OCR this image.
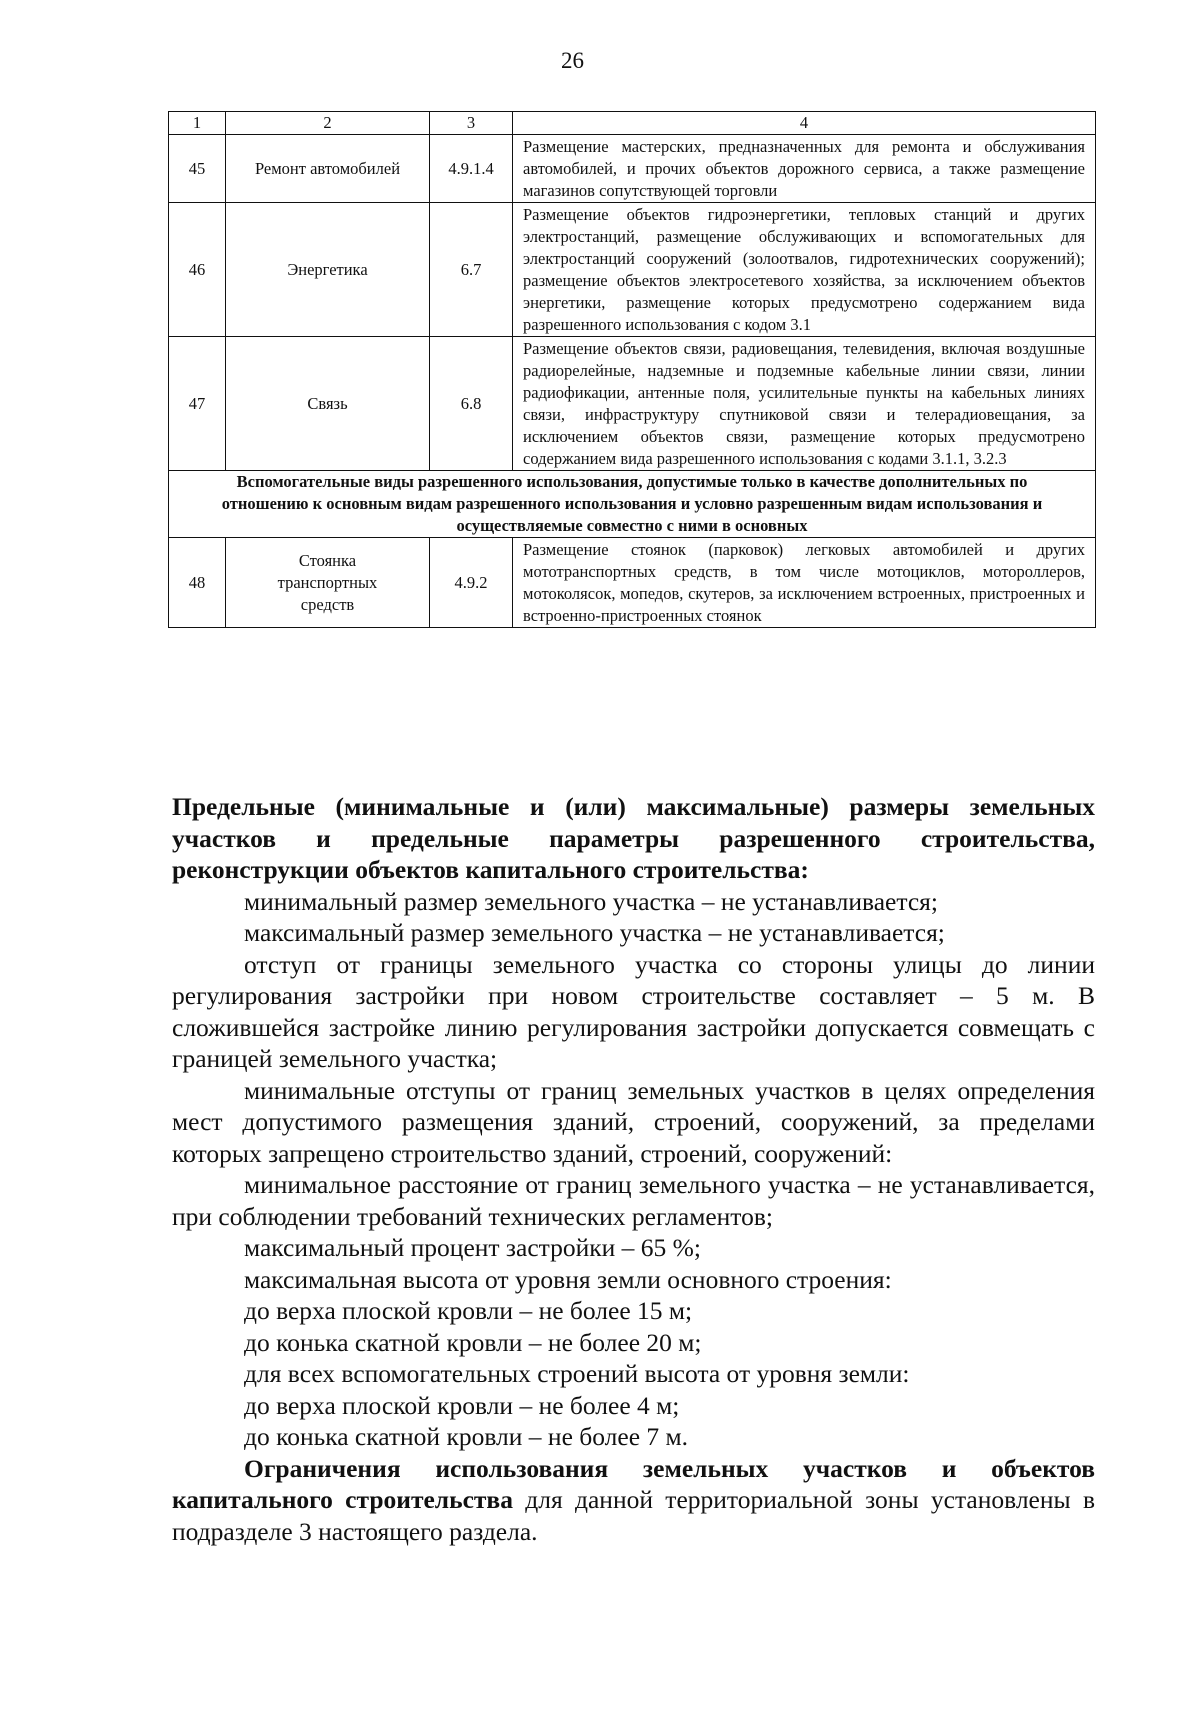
26
1	2	3	4
45	Ремонт автомобилей	4.9.1.4	Размещение мастерских, предназначенных для ремонта и обслуживания автомобилей, и прочих объектов дорожного сервиса, а также размещение магазинов сопутствующей торговли
46	Энергетика	6.7	Размещение объектов гидроэнергетики, тепловых станций и других электростанций, размещение обслуживающих и вспомогательных для электростанций сооружений (золоотвалов, гидротехнических сооружений); размещение объектов электросетевого хозяйства, за исключением объектов энергетики, размещение которых предусмотрено содержанием вида разрешенного использования с кодом 3.1
47	Связь	6.8	Размещение объектов связи, радиовещания, телевидения, включая воздушные радиорелейные, надземные и подземные кабельные линии связи, линии радиофикации, антенные поля, усилительные пункты на кабельных линиях связи, инфраструктуру спутниковой связи и телерадиовещания, за исключением объектов связи, размещение которых предусмотрено содержанием вида разрешенного использования с кодами 3.1.1, 3.2.3
Вспомогательные виды разрешенного использования, допустимые только в качестве дополнительных по отношению к основным видам разрешенного использования и условно разрешенным видам использования и осуществляемые совместно с ними в основных			
48	Стоянка транспортных средств	4.9.2	Размещение стоянок (парковок) легковых автомобилей и других мототранспортных средств, в том числе мотоциклов, мотороллеров, мотоколясок, мопедов, скутеров, за исключением встроенных, пристроенных и встроенно-пристроенных стоянок

Предельные (минимальные и (или) максимальные) размеры земельных участков и предельные параметры разрешенного строительства, реконструкции объектов капитального строительства:

минимальный размер земельного участка – не устанавливается;

максимальный размер земельного участка – не устанавливается;

отступ от границы земельного участка со стороны улицы до линии регулирования застройки при новом строительстве составляет – 5 м. В сложившейся застройке линию регулирования застройки допускается совмещать с границей земельного участка;

минимальные отступы от границ земельных участков в целях определения мест допустимого размещения зданий, строений, сооружений, за пределами которых запрещено строительство зданий, строений, сооружений:

минимальное расстояние от границ земельного участка – не устанавливается, при соблюдении требований технических регламентов;

максимальный процент застройки – 65 %;

максимальная высота от уровня земли основного строения:

до верха плоской кровли – не более 15 м;

до конька скатной кровли – не более 20 м;

для всех вспомогательных строений высота от уровня земли:

до верха плоской кровли – не более 4 м;

до конька скатной кровли – не более 7 м.

Ограничения использования земельных участков и объектов капитального строительства для данной территориальной зоны установлены в подразделе 3 настоящего раздела.
